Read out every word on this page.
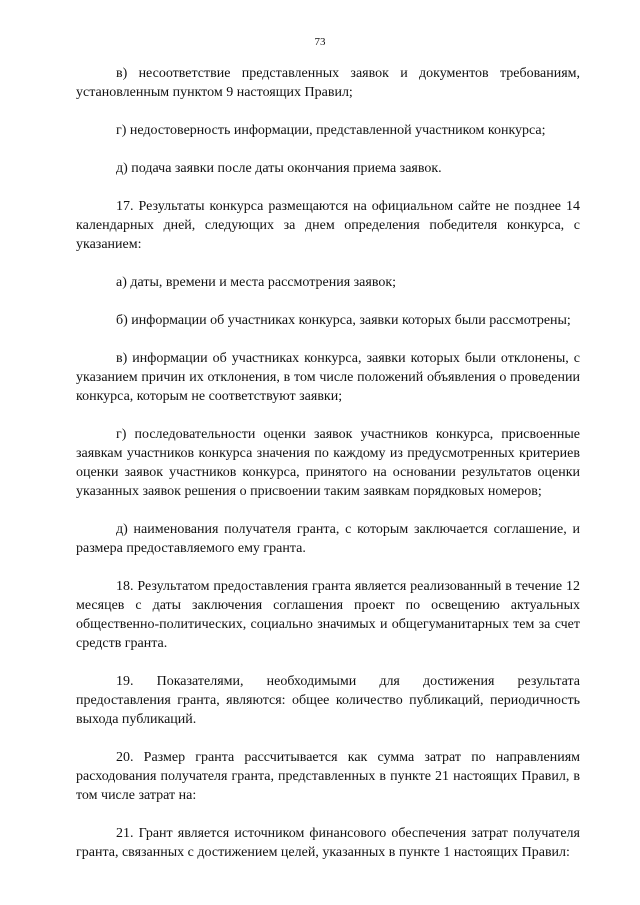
73

в) несоответствие представленных заявок и документов требованиям, установленным пунктом 9 настоящих Правил;

г) недостоверность информации, представленной участником конкурса;

д) подача заявки после даты окончания приема заявок.

17. Результаты конкурса размещаются на официальном сайте не позднее 14 календарных дней, следующих за днем определения победителя конкурса, с указанием:

а) даты, времени и места рассмотрения заявок;

б) информации об участниках конкурса, заявки которых были рассмотрены;

в) информации об участниках конкурса, заявки которых были отклонены, с указанием причин их отклонения, в том числе положений объявления о проведении конкурса, которым не соответствуют заявки;

г) последовательности оценки заявок участников конкурса, присвоенные заявкам участников конкурса значения по каждому из предусмотренных критериев оценки заявок участников конкурса, принятого на основании результатов оценки указанных заявок решения о присвоении таким заявкам порядковых номеров;

д) наименования получателя гранта, с которым заключается соглашение, и размера предоставляемого ему гранта.

18. Результатом предоставления гранта является реализованный в течение 12 месяцев с даты заключения соглашения проект по освещению актуальных общественно-политических, социально значимых и общегуманитарных тем за счет средств гранта.

19. Показателями, необходимыми для достижения результата предоставления гранта, являются: общее количество публикаций, периодичность выхода публикаций.

20. Размер гранта рассчитывается как сумма затрат по направлениям расходования получателя гранта, представленных в пункте 21 настоящих Правил, в том числе затрат на:

21. Грант является источником финансового обеспечения затрат получателя гранта, связанных с достижением целей, указанных в пункте 1 настоящих Правил:
